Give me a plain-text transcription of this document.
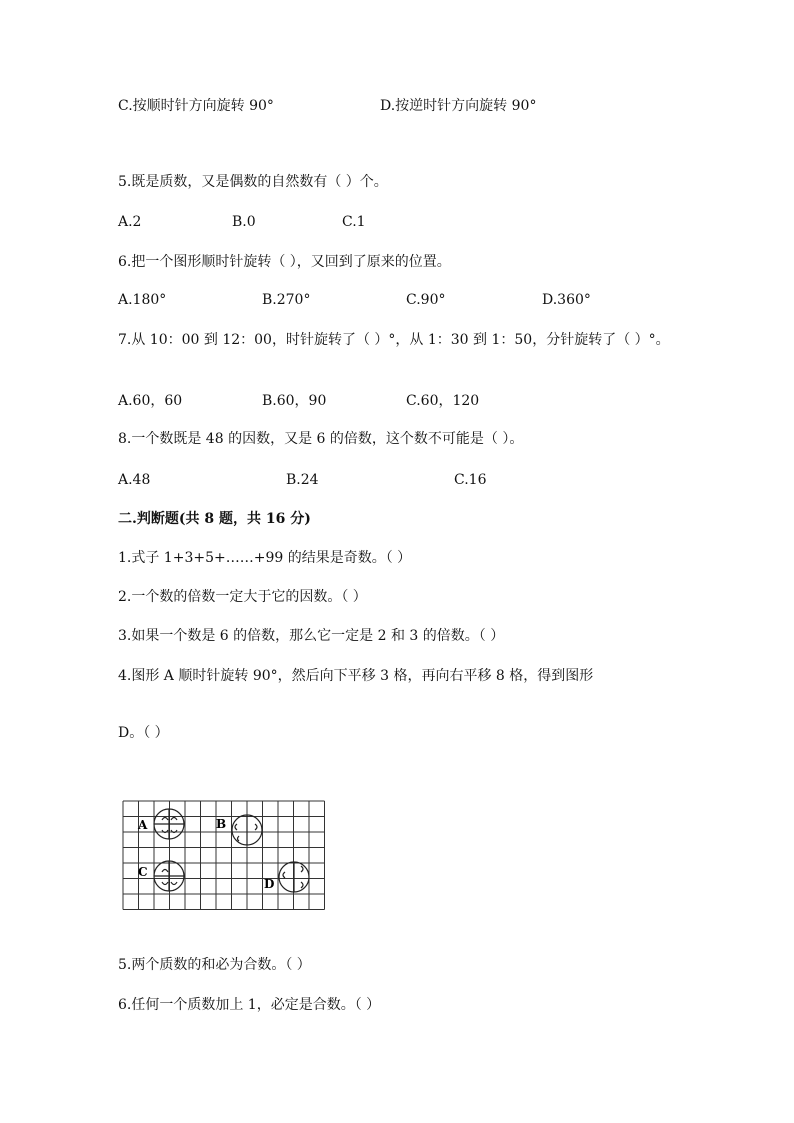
C.按顺时针方向旋转 90°	D.按逆时针方向旋转 90°
5.既是质数，又是偶数的自然数有（ ）个。
A.2	B.0	C.1
6.把一个图形顺时针旋转（ ），又回到了原来的位置。
A.180°	B.270°	C.90°	D.360°
7.从 10：00 到 12：00，时针旋转了（ ）°，从 1：30 到 1：50，分针旋转了（ ）°。
A.60，60	B.60，90	C.60，120
8.一个数既是 48 的因数，又是 6 的倍数，这个数不可能是（ ）。
A.48	B.24	C.16
二.判断题(共 8 题，共 16 分)
1.式子 1+3+5+……+99 的结果是奇数。（ ）
2.一个数的倍数一定大于它的因数。（ ）
3.如果一个数是 6 的倍数，那么它一定是 2 和 3 的倍数。（ ）
4.图形 A 顺时针旋转 90°，然后向下平移 3 格，再向右平移 8 格，得到图形
D。（ ）
A	B
C
D
5.两个质数的和必为合数。（ ）
6.任何一个质数加上 1，必定是合数。（ ）
